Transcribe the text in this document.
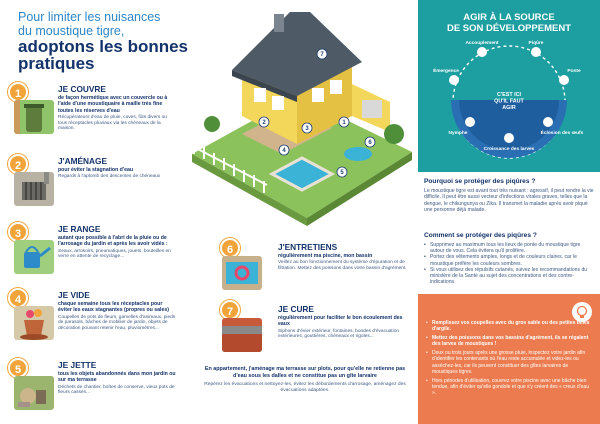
Pour limiter les nuisances
du moustique tigre,
adoptons les bonnes
pratiques
1	JE COUVRE
de façon hermétique avec un couvercle ou à l'aide d'une moustiquaire à maille très fine toutes les réserves d'eau
Récupérateurs d'eau de pluie, cuves, fûts divers ou tous réceptacles pluviaux via les chéneaux de la maison.
2	J'AMÉNAGE
pour éviter la stagnation d'eau
Regards à l'aplomb des descentes de chéneaux
3	JE RANGE
autant que possible à l'abri de la pluie ou de l'arrosage du jardin et après les avoir vidés :
Seaux, arrosoirs, pneumatiques, jouets, bouteilles en verre en attente de recyclage...
4	JE VIDE
chaque semaine tous les réceptacles pour éviter les eaux stagnantes (propres ou sales)
Coupelles de pots de fleurs, gamelles d'animaux, pieds de parasols, bâches de mobilier de jardin, objets de décoration pouvant retenir l'eau, pluviomètres...
5	JE JETTE
tous les objets abandonnés dans mon jardin ou sur ma terrasse
Déchets de chantier, boîtes de conserve, vieux pots de fleurs cassés...
7
2	1
3
6
4
5
6	J'ENTRETIENS
régulièrement ma piscine, mon bassin
Veillez au bon fonctionnement du système d'épuration et de filtration. Mettez des poissons dans votre bassin d'agrément.
7	JE CURE
régulièrement pour faciliter le bon écoulement des eaux
Siphons d'évier extérieur, fontaines, bondes d'évacuation extérieures, gouttières, chéneaux et rigoles...
En appartement, j'aménage ma terrasse sur plots, pour qu'elle ne retienne pas d'eau sous les dalles et ne constitue pas un gîte larvaire
Repérez les évacuations et nettoyez-les, évitez les débordements d'arrosage, aménagez des évacuations adaptées.
AGIR À LA SOURCE
DE SON DÉVELOPPEMENT
C'EST ICI
QU'IL FAUT
AGIR
Accouplement	Piqûre
Ponte
Émergence
Nymphe
Croissance des larves
Éclosion des œufs
Pourquoi se protéger des piqûres ?
Le moustique tigre est avant tout très nuisant : agressif, il peut rendre la vie difficile. Il peut être aussi vecteur d'infections virales graves, telles que la dengue, le chikungunya ou Zika. Il transmet la maladie après avoir piqué une personne déjà malade.
Comment se protéger des piqûres ?
• Supprimez au maximum tous les lieux de ponte du moustique tigre autour de vous. Cela évitera qu'il prolifère.
• Portez des vêtements amples, longs et de couleurs claires, car le moustique préfère les couleurs sombres.
• Si vous utilisez des répulsifs cutanés, suivez les recommandations du ministère de la Santé au sujet des concentrations et des contre-indications.
• Remplissez vos coupelles avec du gros sable ou des petites billes d'argile.
• Mettez des poissons dans vos bassins d'agrément, ils se régalent des larves de moustiques !
• Deux ou trois jours après une grosse pluie, inspectez votre jardin afin d'identifier les contenants où l'eau reste accumulée et videz-les ou asséchez-les, car ils peuvent constituer des gîtes larvaires de moustiques tigres.
• Hors périodes d'utilisation, couvrez votre piscine avec une bâche bien tendue, afin d'éviter qu'elle gondole et que s'y créent des « creux d'eau ».
